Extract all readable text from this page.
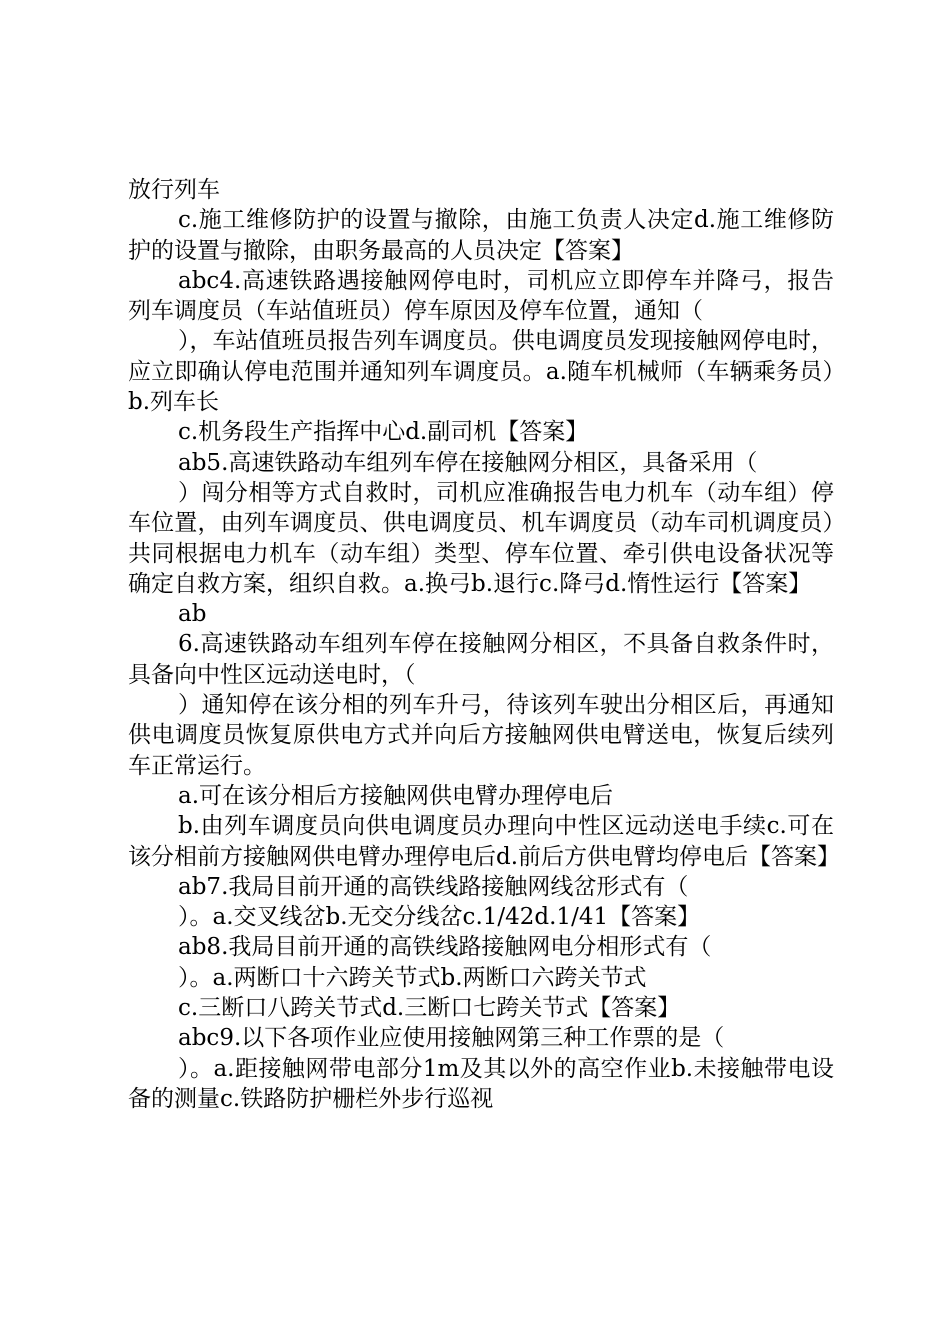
放行列车

c.施工维修防护的设置与撤除，由施工负责人决定d.施工维修防护的设置与撤除，由职务最高的人员决定【答案】

abc4.高速铁路遇接触网停电时，司机应立即停车并降弓，报告列车调度员（车站值班员）停车原因及停车位置，通知（

），车站值班员报告列车调度员。供电调度员发现接触网停电时，应立即确认停电范围并通知列车调度员。a.随车机械师（车辆乘务员）b.列车长

c.机务段生产指挥中心d.副司机【答案】

ab5.高速铁路动车组列车停在接触网分相区，具备采用（

）闯分相等方式自救时，司机应准确报告电力机车（动车组）停车位置，由列车调度员、供电调度员、机车调度员（动车司机调度员）共同根据电力机车（动车组）类型、停车位置、牵引供电设备状况等确定自救方案，组织自救。a.换弓b.退行c.降弓d.惰性运行【答案】

ab

6.高速铁路动车组列车停在接触网分相区，不具备自救条件时，具备向中性区远动送电时，（

）通知停在该分相的列车升弓，待该列车驶出分相区后，再通知供电调度员恢复原供电方式并向后方接触网供电臂送电，恢复后续列车正常运行。

a.可在该分相后方接触网供电臂办理停电后

b.由列车调度员向供电调度员办理向中性区远动送电手续c.可在该分相前方接触网供电臂办理停电后d.前后方供电臂均停电后【答案】

ab7.我局目前开通的高铁线路接触网线岔形式有（

）。a.交叉线岔b.无交分线岔c.1/42d.1/41【答案】

ab8.我局目前开通的高铁线路接触网电分相形式有（

）。a.两断口十六跨关节式b.两断口六跨关节式

c.三断口八跨关节式d.三断口七跨关节式【答案】

abc9.以下各项作业应使用接触网第三种工作票的是（

）。a.距接触网带电部分1m及其以外的高空作业b.未接触带电设备的测量c.铁路防护栅栏外步行巡视
